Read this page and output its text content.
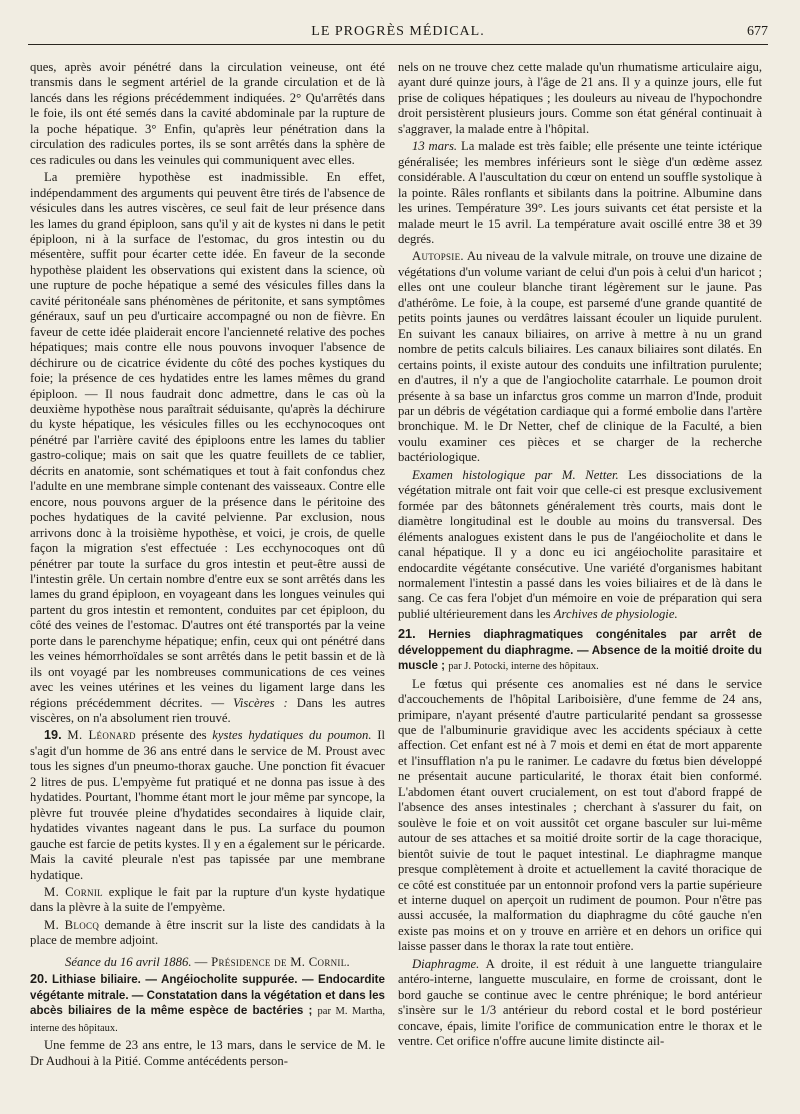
LE PROGRÈS MÉDICAL.	677

ques, après avoir pénétré dans la circulation veineuse, ont été transmis dans le segment artériel de la grande circulation et de là lancés dans les régions précédemment indiquées. 2° Qu'arrêtés dans le foie, ils ont été semés dans la cavité abdominale par la rupture de la poche hépatique. 3° Enfin, qu'après leur pénétration dans la circulation des radicules portes, ils se sont arrêtés dans la sphère de ces radicules ou dans les veinules qui communiquent avec elles.

La première hypothèse est inadmissible. En effet, indépendamment des arguments qui peuvent être tirés de l'absence de vésicules dans les autres viscères, ce seul fait de leur présence dans les lames du grand épiploon, sans qu'il y ait de kystes ni dans le petit épiploon, ni à la surface de l'estomac, du gros intestin ou du mésentère, suffit pour écarter cette idée. En faveur de la seconde hypothèse plaident les observations qui existent dans la science, où une rupture de poche hépatique a semé des vésicules filles dans la cavité péritonéale sans phénomènes de péritonite, et sans symptômes généraux, sauf un peu d'urticaire accompagné ou non de fièvre. En faveur de cette idée plaiderait encore l'ancienneté relative des poches hépatiques; mais contre elle nous pouvons invoquer l'absence de déchirure ou de cicatrice évidente du côté des poches kystiques du foie; la présence de ces hydatides entre les lames mêmes du grand épiploon. — Il nous faudrait donc admettre, dans le cas où la deuxième hypothèse nous paraîtrait séduisante, qu'après la déchirure du kyste hépatique, les vésicules filles ou les ecchynocoques ont pénétré par l'arrière cavité des épiploons entre les lames du tablier gastro-colique; mais on sait que les quatre feuillets de ce tablier, décrits en anatomie, sont schématiques et tout à fait confondus chez l'adulte en une membrane simple contenant des vaisseaux. Contre elle encore, nous pouvons arguer de la présence dans le péritoine des poches hydatiques de la cavité pelvienne. Par exclusion, nous arrivons donc à la troisième hypothèse, et voici, je crois, de quelle façon la migration s'est effectuée : Les ecchynocoques ont dû pénétrer par toute la surface du gros intestin et peut-être aussi de l'intestin grêle. Un certain nombre d'entre eux se sont arrêtés dans les lames du grand épiploon, en voyageant dans les longues veinules qui partent du gros intestin et remontent, conduites par cet épiploon, du côté des veines de l'estomac. D'autres ont été transportés par la veine porte dans le parenchyme hépatique; enfin, ceux qui ont pénétré dans les veines hémorrhoïdales se sont arrêtés dans le petit bassin et de là ils ont voyagé par les nombreuses communications de ces veines avec les veines utérines et les veines du ligament large dans les régions précédemment décrites. — Viscères : Dans les autres viscères, on n'a absolument rien trouvé.

19. M. Léonard présente des kystes hydatiques du poumon. Il s'agit d'un homme de 36 ans entré dans le service de M. Proust avec tous les signes d'un pneumo-thorax gauche. Une ponction fit évacuer 2 litres de pus. L'empyème fut pratiqué et ne donna pas issue à des hydatides. Pourtant, l'homme étant mort le jour même par syncope, la plèvre fut trouvée pleine d'hydatides secondaires à liquide clair, hydatides vivantes nageant dans le pus. La surface du poumon gauche est farcie de petits kystes. Il y en a également sur le péricarde. Mais la cavité pleurale n'est pas tapissée par une membrane hydatique.

M. Cornil explique le fait par la rupture d'un kyste hydatique dans la plèvre à la suite de l'empyème.

M. Blocq demande à être inscrit sur la liste des candidats à la place de membre adjoint.

Séance du 16 avril 1886. — Présidence de M. Cornil.

20. Lithiase biliaire. — Angéiocholite suppurée. — Endocardite végétante mitrale. — Constatation dans la végétation et dans les abcès biliaires de la même espèce de bactéries ; par M. Martha, interne des hôpitaux.

Une femme de 23 ans entre, le 13 mars, dans le service de M. le Dr Audhoui à la Pitié. Comme antécédents person-

nels on ne trouve chez cette malade qu'un rhumatisme articulaire aigu, ayant duré quinze jours, à l'âge de 21 ans. Il y a quinze jours, elle fut prise de coliques hépatiques ; les douleurs au niveau de l'hypochondre droit persistèrent plusieurs jours. Comme son état général continuait à s'aggraver, la malade entre à l'hôpital.

13 mars. La malade est très faible; elle présente une teinte ictérique généralisée; les membres inférieurs sont le siège d'un œdème assez considérable. A l'auscultation du cœur on entend un souffle systolique à la pointe. Râles ronflants et sibilants dans la poitrine. Albumine dans les urines. Température 39°. Les jours suivants cet état persiste et la malade meurt le 15 avril. La température avait oscillé entre 38 et 39 degrés.

Autopsie. Au niveau de la valvule mitrale, on trouve une dizaine de végétations d'un volume variant de celui d'un pois à celui d'un haricot ; elles ont une couleur blanche tirant légèrement sur le jaune. Pas d'athérôme. Le foie, à la coupe, est parsemé d'une grande quantité de petits points jaunes ou verdâtres laissant écouler un liquide purulent. En suivant les canaux biliaires, on arrive à mettre à nu un grand nombre de petits calculs biliaires. Les canaux biliaires sont dilatés. En certains points, il existe autour des conduits une infiltration purulente; en d'autres, il n'y a que de l'angiocholite catarrhale. Le poumon droit présente à sa base un infarctus gros comme un marron d'Inde, produit par un débris de végétation cardiaque qui a formé embolie dans l'artère bronchique. M. le Dr Netter, chef de clinique de la Faculté, a bien voulu examiner ces pièces et se charger de la recherche bactériologique.

Examen histologique par M. Netter. Les dissociations de la végétation mitrale ont fait voir que celle-ci est presque exclusivement formée par des bâtonnets généralement très courts, mais dont le diamètre longitudinal est le double au moins du transversal. Des éléments analogues existent dans le pus de l'angéiocholite et dans le canal hépatique. Il y a donc eu ici angéiocholite parasitaire et endocardite végétante consécutive. Une variété d'organismes habitant normalement l'intestin a passé dans les voies biliaires et de là dans le sang. Ce cas fera l'objet d'un mémoire en voie de préparation qui sera publié ultérieurement dans les Archives de physiologie.

21. Hernies diaphragmatiques congénitales par arrêt de développement du diaphragme. — Absence de la moitié droite du muscle ; par J. Potocki, interne des hôpitaux.

Le fœtus qui présente ces anomalies est né dans le service d'accouchements de l'hôpital Lariboisière, d'une femme de 24 ans, primipare, n'ayant présenté d'autre particularité pendant sa grossesse que de l'albuminurie gravidique avec les accidents spéciaux à cette affection. Cet enfant est né à 7 mois et demi en état de mort apparente et l'insufflation n'a pu le ranimer. Le cadavre du fœtus bien développé ne présentait aucune particularité, le thorax était bien conformé. L'abdomen étant ouvert crucialement, on est tout d'abord frappé de l'absence des anses intestinales ; cherchant à s'assurer du fait, on soulève le foie et on voit aussitôt cet organe basculer sur lui-même autour de ses attaches et sa moitié droite sortir de la cage thoracique, bientôt suivie de tout le paquet intestinal. Le diaphragme manque presque complètement à droite et actuellement la cavité thoracique de ce côté est constituée par un entonnoir profond vers la partie supérieure et interne duquel on aperçoit un rudiment de poumon. Pour n'être pas aussi accusée, la malformation du diaphragme du côté gauche n'en existe pas moins et on y trouve en arrière et en dehors un orifice qui laisse passer dans le thorax la rate tout entière.

Diaphragme. A droite, il est réduit à une languette triangulaire antéro-interne, languette musculaire, en forme de croissant, dont le bord gauche se continue avec le centre phrénique; le bord antérieur s'insère sur le 1/3 antérieur du rebord costal et le bord postérieur concave, épais, limite l'orifice de communication entre le thorax et le ventre. Cet orifice n'offre aucune limite distincte ail-
